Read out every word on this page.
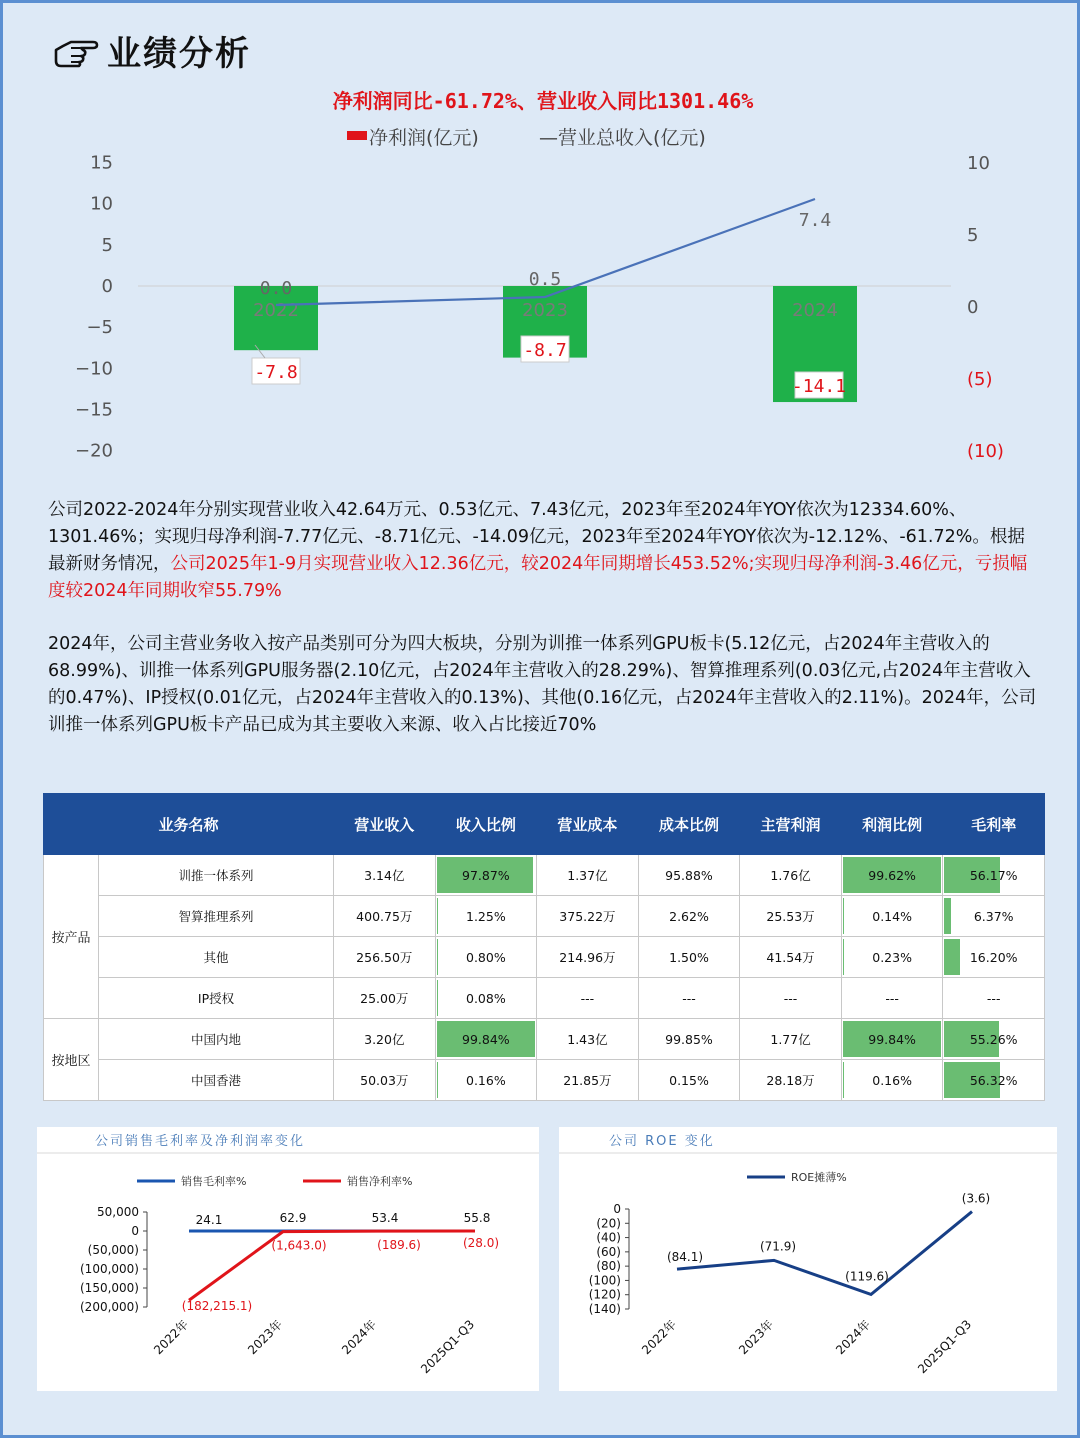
业绩分析
净利润同比-61.72%、营业收入同比1301.46%
净利润(亿元)	—营业总收入(亿元)
15
10
5
0
−5
−10
−15
−20
10
5
0
(5)
(10)
2022	2023	2024
-7.8
-8.7
-14.1
0.0	0.5
7.4
公司2022-2024年分别实现营业收入42.64万元、0.53亿元、7.43亿元，2023年至2024年YOY依次为12334.60%、1301.46%；实现归母净利润-7.77亿元、-8.71亿元、-14.09亿元，2023年至2024年YOY依次为-12.12%、-61.72%。根据最新财务情况，公司2025年1-9月实现营业收入12.36亿元，较2024年同期增长453.52%;实现归母净利润-3.46亿元，亏损幅度较2024年同期收窄55.79%
2024年，公司主营业务收入按产品类别可分为四大板块，分别为训推一体系列GPU板卡(5.12亿元，占2024年主营收入的68.99%)、训推一体系列GPU服务器(2.10亿元，占2024年主营收入的28.29%)、智算推理系列(0.03亿元,占2024年主营收入的0.47%)、IP授权(0.01亿元，占2024年主营收入的0.13%)、其他(0.16亿元，占2024年主营收入的2.11%)。2024年，公司训推一体系列GPU板卡产品已成为其主要收入来源、收入占比接近70%
业务名称		营业收入	收入比例	营业成本	成本比例	主营利润	利润比例	毛利率
按产品	训推一体系列	3.14亿	97.87%	1.37亿	95.88%	1.76亿	99.62%	56.17%
	智算推理系列	400.75万	1.25%	375.22万	2.62%	25.53万	0.14%	6.37%
	其他	256.50万	0.80%	214.96万	1.50%	41.54万	0.23%	16.20%
	IP授权	25.00万	0.08%	---	---	---	---	---
按地区	中国内地	3.20亿	99.84%	1.43亿	99.85%	1.77亿	99.84%	55.26%
	中国香港	50.03万	0.16%	21.85万	0.15%	28.18万	0.16%	56.32%
公司销售毛利率及净利润率变化
销售毛利率%	销售净利率%
50,000
0
(50,000)
(100,000)
(150,000)
(200,000)
2022年	2023年	2024年	2025Q1-Q3
24.1	62.9	53.4	55.8
(182,215.1)
(1,643.0)	(189.6)	(28.0)
公司 ROE 变化
ROE摊薄%
0
(20)
(40)
(60)
(80)
(100)
(120)
(140)
2022年	2023年	2024年	2025Q1-Q3
(84.1)
(71.9)
(119.6)
(3.6)
